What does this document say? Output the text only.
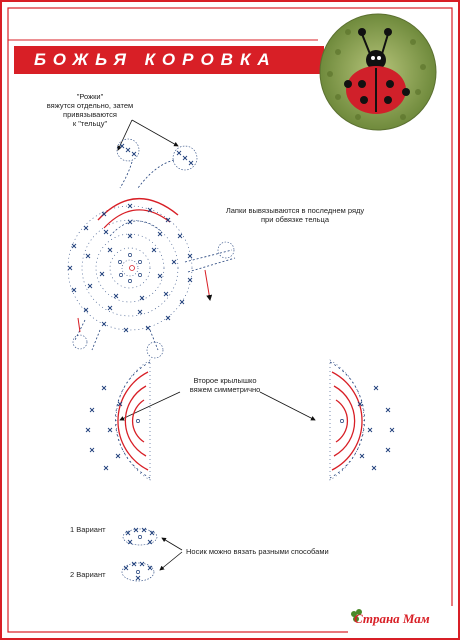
БОЖЬЯ КОРОВКА
"Рожки"
вяжутся отдельно, затем
привязываются
к "тельцу"
Лапки вывязываются в последнем ряду
при обвязке тельца
Второе крылышко
вяжем симметрично
1 Вариант
2 Вариант
Носик можно вязать разными способами
Страна Мам
